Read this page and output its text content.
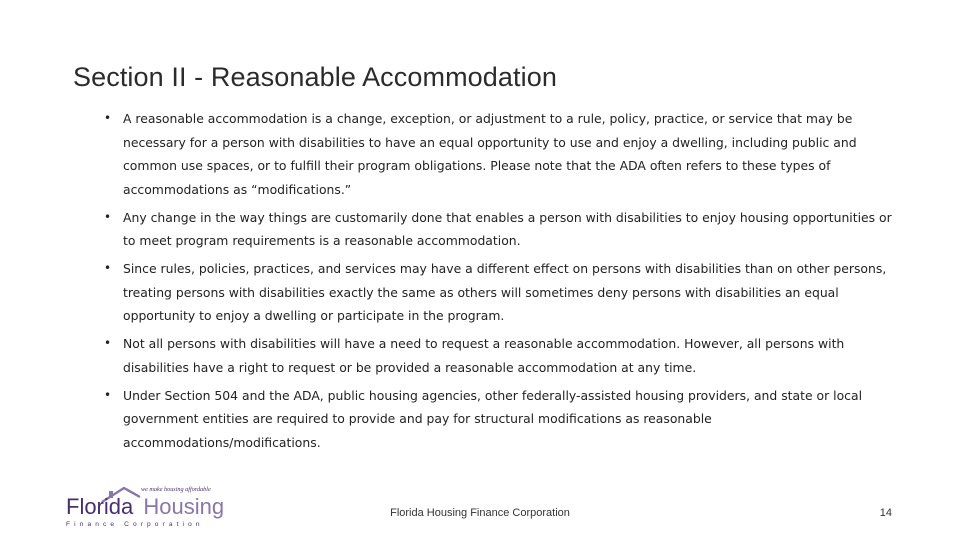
Section II - Reasonable Accommodation
• A reasonable accommodation is a change, exception, or adjustment to a rule, policy, practice, or service that may be necessary for a person with disabilities to have an equal opportunity to use and enjoy a dwelling, including public and common use spaces, or to fulfill their program obligations. Please note that the ADA often refers to these types of accommodations as “modifications.”
• Any change in the way things are customarily done that enables a person with disabilities to enjoy housing opportunities or to meet program requirements is a reasonable accommodation.
• Since rules, policies, practices, and services may have a different effect on persons with disabilities than on other persons, treating persons with disabilities exactly the same as others will sometimes deny persons with disabilities an equal opportunity to enjoy a dwelling or participate in the program.
• Not all persons with disabilities will have a need to request a reasonable accommodation. However, all persons with disabilities have a right to request or be provided a reasonable accommodation at any time.
• Under Section 504 and the ADA, public housing agencies, other federally-assisted housing providers, and state or local government entities are required to provide and pay for structural modifications as reasonable accommodations/modifications.
we make housing affordable
Florida Housing
Finance Corporation
Florida Housing Finance Corporation	14
